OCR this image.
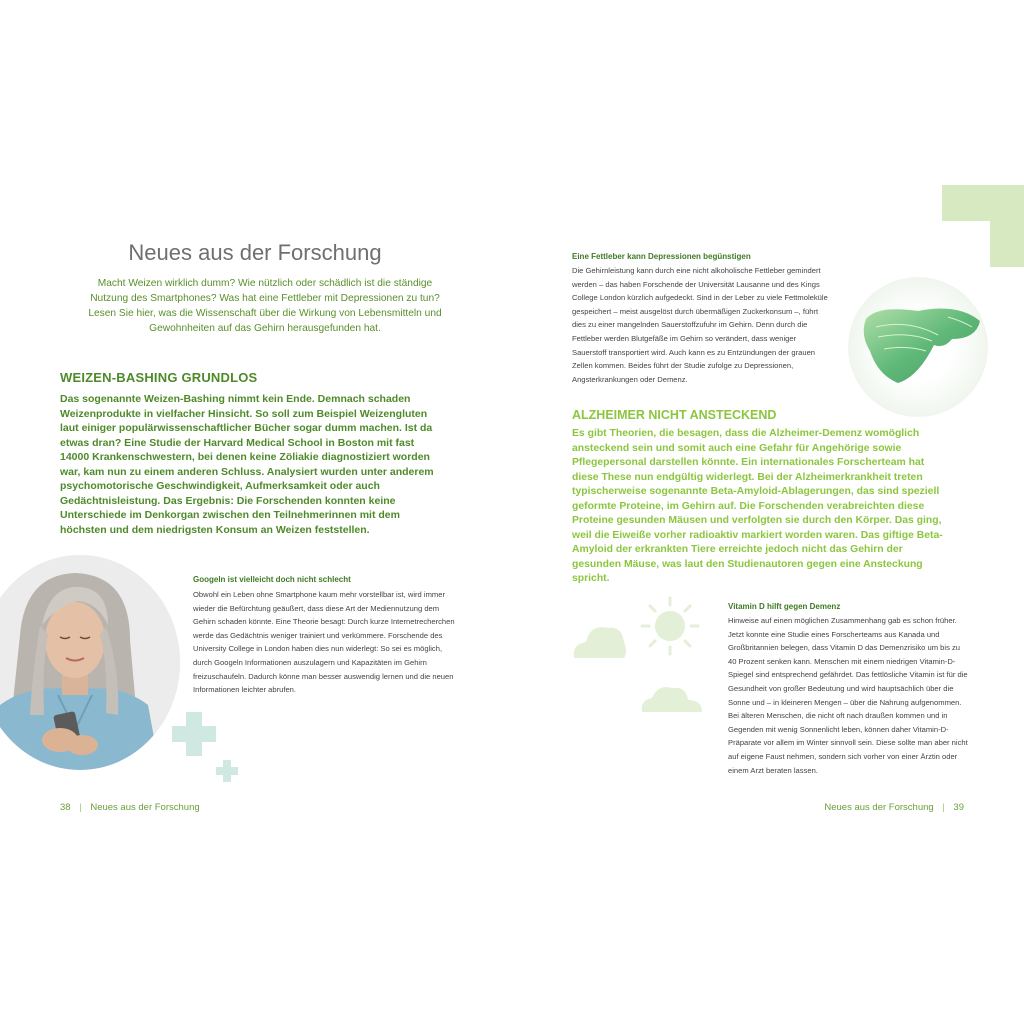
Neues aus der Forschung
Macht Weizen wirklich dumm? Wie nützlich oder schädlich ist die ständige Nutzung des Smartphones? Was hat eine Fettleber mit Depressionen zu tun? Lesen Sie hier, was die Wissenschaft über die Wirkung von Lebensmitteln und Gewohnheiten auf das Gehirn herausgefunden hat.
WEIZEN-BASHING GRUNDLOS
Das sogenannte Weizen-Bashing nimmt kein Ende. Demnach schaden Weizenprodukte in vielfacher Hinsicht. So soll zum Beispiel Weizengluten laut einiger populärwissenschaftlicher Bücher sogar dumm machen. Ist da etwas dran? Eine Studie der Harvard Medical School in Boston mit fast 14000 Krankenschwestern, bei denen keine Zöliakie diagnostiziert worden war, kam nun zu einem anderen Schluss. Analysiert wurden unter anderem psychomotorische Geschwindigkeit, Aufmerksamkeit oder auch Gedächtnisleistung. Das Ergebnis: Die Forschenden konnten keine Unterschiede im Denkorgan zwischen den Teilnehmerinnen mit dem höchsten und dem niedrigsten Konsum an Weizen feststellen.
Googeln ist vielleicht doch nicht schlecht
Obwohl ein Leben ohne Smartphone kaum mehr vorstellbar ist, wird immer wieder die Befürchtung geäußert, dass diese Art der Mediennutzung dem Gehirn schaden könnte. Eine Theorie besagt: Durch kurze Internetrecherchen werde das Gedächtnis weniger trainiert und verkümmere. Forschende des University College in London haben dies nun widerlegt: So sei es möglich, durch Googeln Informationen auszulagern und Kapazitäten im Gehirn freizuschaufeln. Dadurch könne man besser auswendig lernen und die neuen Informationen leichter abrufen.
38 | Neues aus der Forschung
Eine Fettleber kann Depressionen begünstigen
Die Gehirnleistung kann durch eine nicht alkoholische Fettleber gemindert werden – das haben Forschende der Universität Lausanne und des Kings College London kürzlich aufgedeckt. Sind in der Leber zu viele Fettmoleküle gespeichert – meist ausgelöst durch übermäßigen Zuckerkonsum –, führt dies zu einer mangelnden Sauerstoffzufuhr im Gehirn. Denn durch die Fettleber werden Blutgefäße im Gehirn so verändert, dass weniger Sauerstoff transportiert wird. Auch kann es zu Entzündungen der grauen Zellen kommen. Beides führt der Studie zufolge zu Depressionen, Angsterkrankungen oder Demenz.
ALZHEIMER NICHT ANSTECKEND
Es gibt Theorien, die besagen, dass die Alzheimer-Demenz womöglich ansteckend sein und somit auch eine Gefahr für Angehörige sowie Pflegepersonal darstellen könnte. Ein internationales Forscherteam hat diese These nun endgültig widerlegt. Bei der Alzheimerkrankheit treten typischerweise sogenannte Beta-Amyloid-Ablagerungen, das sind speziell geformte Proteine, im Gehirn auf. Die Forschenden verabreichten diese Proteine gesunden Mäusen und verfolgten sie durch den Körper. Das ging, weil die Eiweiße vorher radioaktiv markiert worden waren. Das giftige Beta-Amyloid der erkrankten Tiere erreichte jedoch nicht das Gehirn der gesunden Mäuse, was laut den Studienautoren gegen eine Ansteckung spricht.
Vitamin D hilft gegen Demenz
Hinweise auf einen möglichen Zusammenhang gab es schon früher. Jetzt konnte eine Studie eines Forscherteams aus Kanada und Großbritannien belegen, dass Vitamin D das Demenzrisiko um bis zu 40 Prozent senken kann. Menschen mit einem niedrigen Vitamin-D-Spiegel sind entsprechend gefährdet. Das fettlösliche Vitamin ist für die Gesundheit von großer Bedeutung und wird hauptsächlich über die Sonne und – in kleineren Mengen – über die Nahrung aufgenommen. Bei älteren Menschen, die nicht oft nach draußen kommen und in Gegenden mit wenig Sonnenlicht leben, können daher Vitamin-D-Präparate vor allem im Winter sinnvoll sein. Diese sollte man aber nicht auf eigene Faust nehmen, sondern sich vorher von einer Ärztin oder einem Arzt beraten lassen.
Neues aus der Forschung | 39
